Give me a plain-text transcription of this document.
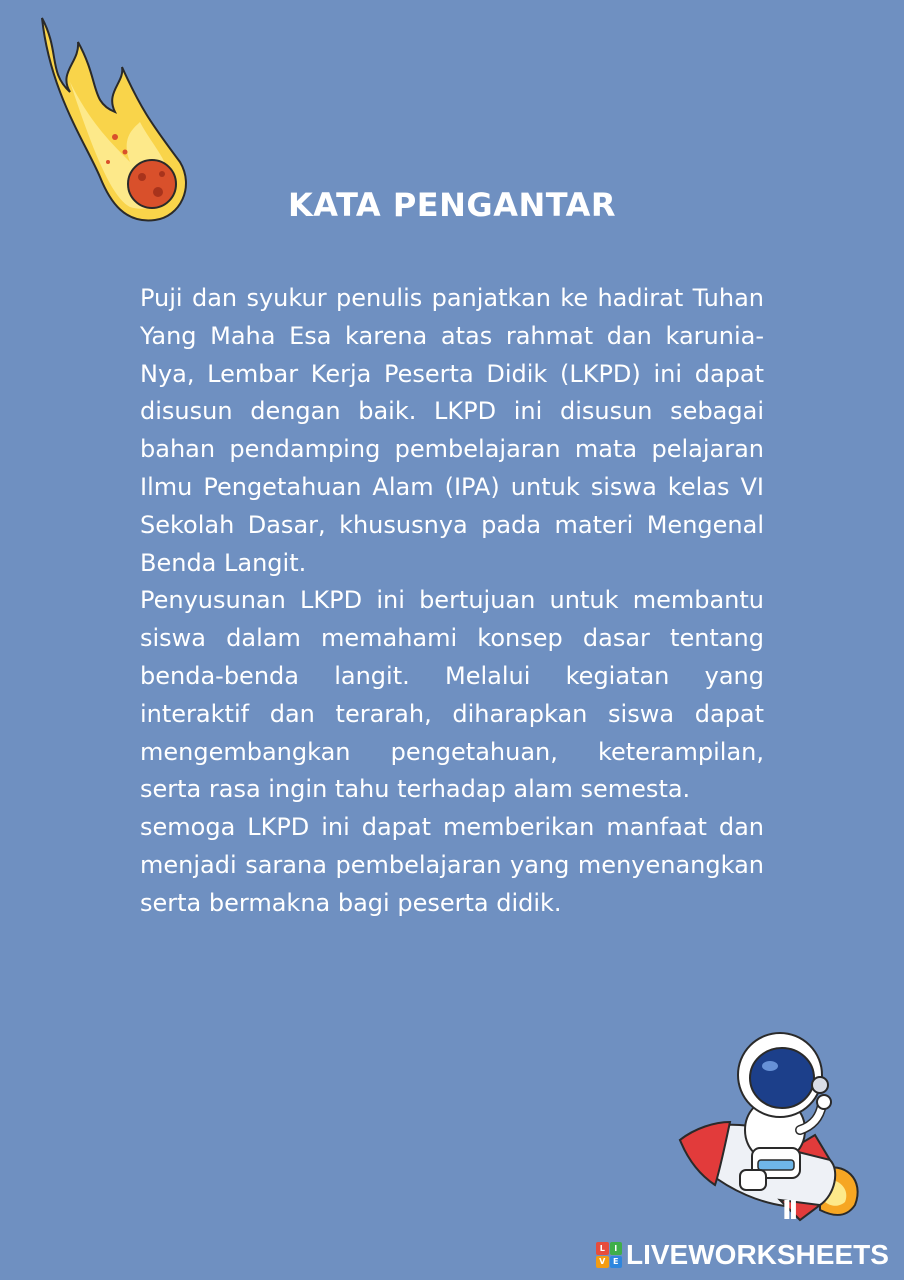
KATA PENGANTAR

Puji dan syukur penulis panjatkan ke hadirat Tuhan Yang Maha Esa karena atas rahmat dan karunia-Nya, Lembar Kerja Peserta Didik (LKPD) ini dapat disusun dengan baik. LKPD ini disusun sebagai bahan pendamping pembelajaran mata pelajaran Ilmu Pengetahuan Alam (IPA) untuk siswa kelas VI Sekolah Dasar, khususnya pada materi Mengenal Benda Langit.

Penyusunan LKPD ini bertujuan untuk membantu siswa dalam memahami konsep dasar tentang benda-benda langit. Melalui kegiatan yang interaktif dan terarah, diharapkan siswa dapat mengembangkan pengetahuan, keterampilan, serta rasa ingin tahu terhadap alam semesta.

semoga LKPD ini dapat memberikan manfaat dan menjadi sarana pembelajaran yang menyenangkan serta bermakna bagi peserta didik.

II
L	I
V E LIVEWORKSHEETS
